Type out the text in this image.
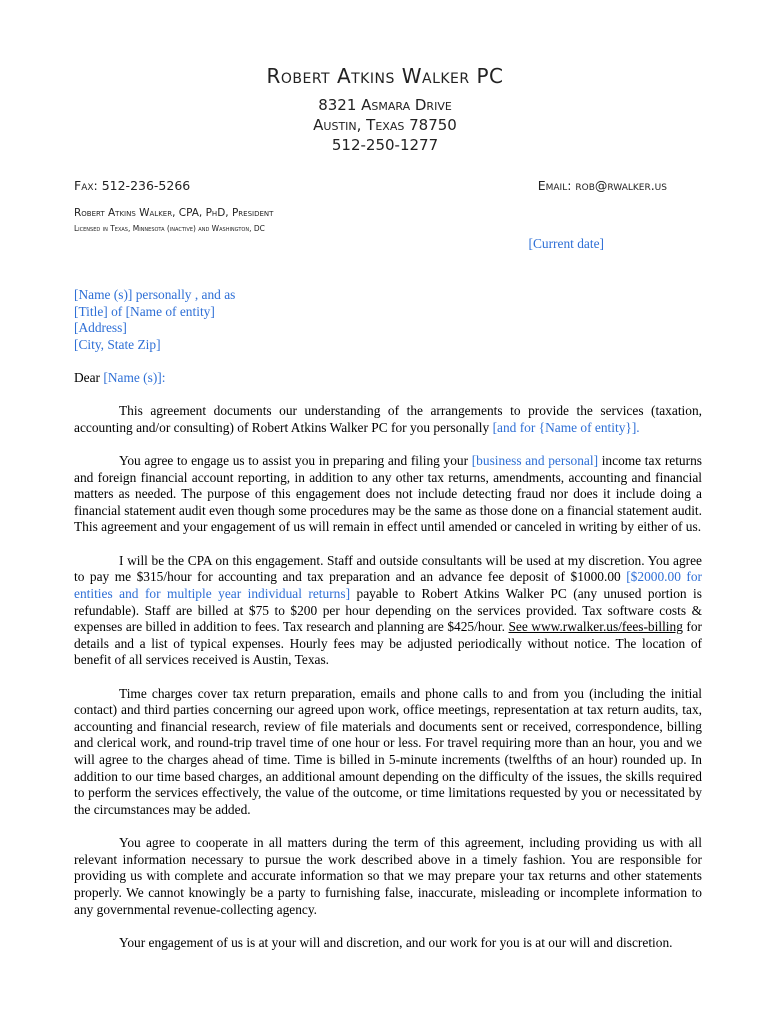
Robert Atkins Walker PC
8321 Asmara Drive
Austin, Texas 78750
512-250-1277
Fax: 512-236-5266	Email: rob@rwalker.us
Robert Atkins Walker, CPA, PhD, President
Licensed in Texas, Minnesota (inactive) and Washington, DC
[Current date]
[Name (s)] personally , and as
[Title] of [Name of entity]
[Address]
[City, State Zip]
Dear [Name (s)]:

This agreement documents our understanding of the arrangements to provide the services (taxation, accounting and/or consulting) of Robert Atkins Walker PC for you personally [and for {Name of entity}].

You agree to engage us to assist you in preparing and filing your [business and personal] income tax returns and foreign financial account reporting, in addition to any other tax returns, amendments, accounting and financial matters as needed. The purpose of this engagement does not include detecting fraud nor does it include doing a financial statement audit even though some procedures may be the same as those done on a financial statement audit. This agreement and your engagement of us will remain in effect until amended or canceled in writing by either of us.

I will be the CPA on this engagement. Staff and outside consultants will be used at my discretion. You agree to pay me $315/hour for accounting and tax preparation and an advance fee deposit of $1000.00 [$2000.00 for entities and for multiple year individual returns] payable to Robert Atkins Walker PC (any unused portion is refundable). Staff are billed at $75 to $200 per hour depending on the services provided. Tax software costs & expenses are billed in addition to fees. Tax research and planning are $425/hour. See www.rwalker.us/fees-billing for details and a list of typical expenses. Hourly fees may be adjusted periodically without notice. The location of benefit of all services received is Austin, Texas.

Time charges cover tax return preparation, emails and phone calls to and from you (including the initial contact) and third parties concerning our agreed upon work, office meetings, representation at tax return audits, tax, accounting and financial research, review of file materials and documents sent or received, correspondence, billing and clerical work, and round-trip travel time of one hour or less. For travel requiring more than an hour, you and we will agree to the charges ahead of time. Time is billed in 5-minute increments (twelfths of an hour) rounded up. In addition to our time based charges, an additional amount depending on the difficulty of the issues, the skills required to perform the services effectively, the value of the outcome, or time limitations requested by you or necessitated by the circumstances may be added.

You agree to cooperate in all matters during the term of this agreement, including providing us with all relevant information necessary to pursue the work described above in a timely fashion. You are responsible for providing us with complete and accurate information so that we may prepare your tax returns and other statements properly. We cannot knowingly be a party to furnishing false, inaccurate, misleading or incomplete information to any governmental revenue-collecting agency.

Your engagement of us is at your will and discretion, and our work for you is at our will and discretion.
